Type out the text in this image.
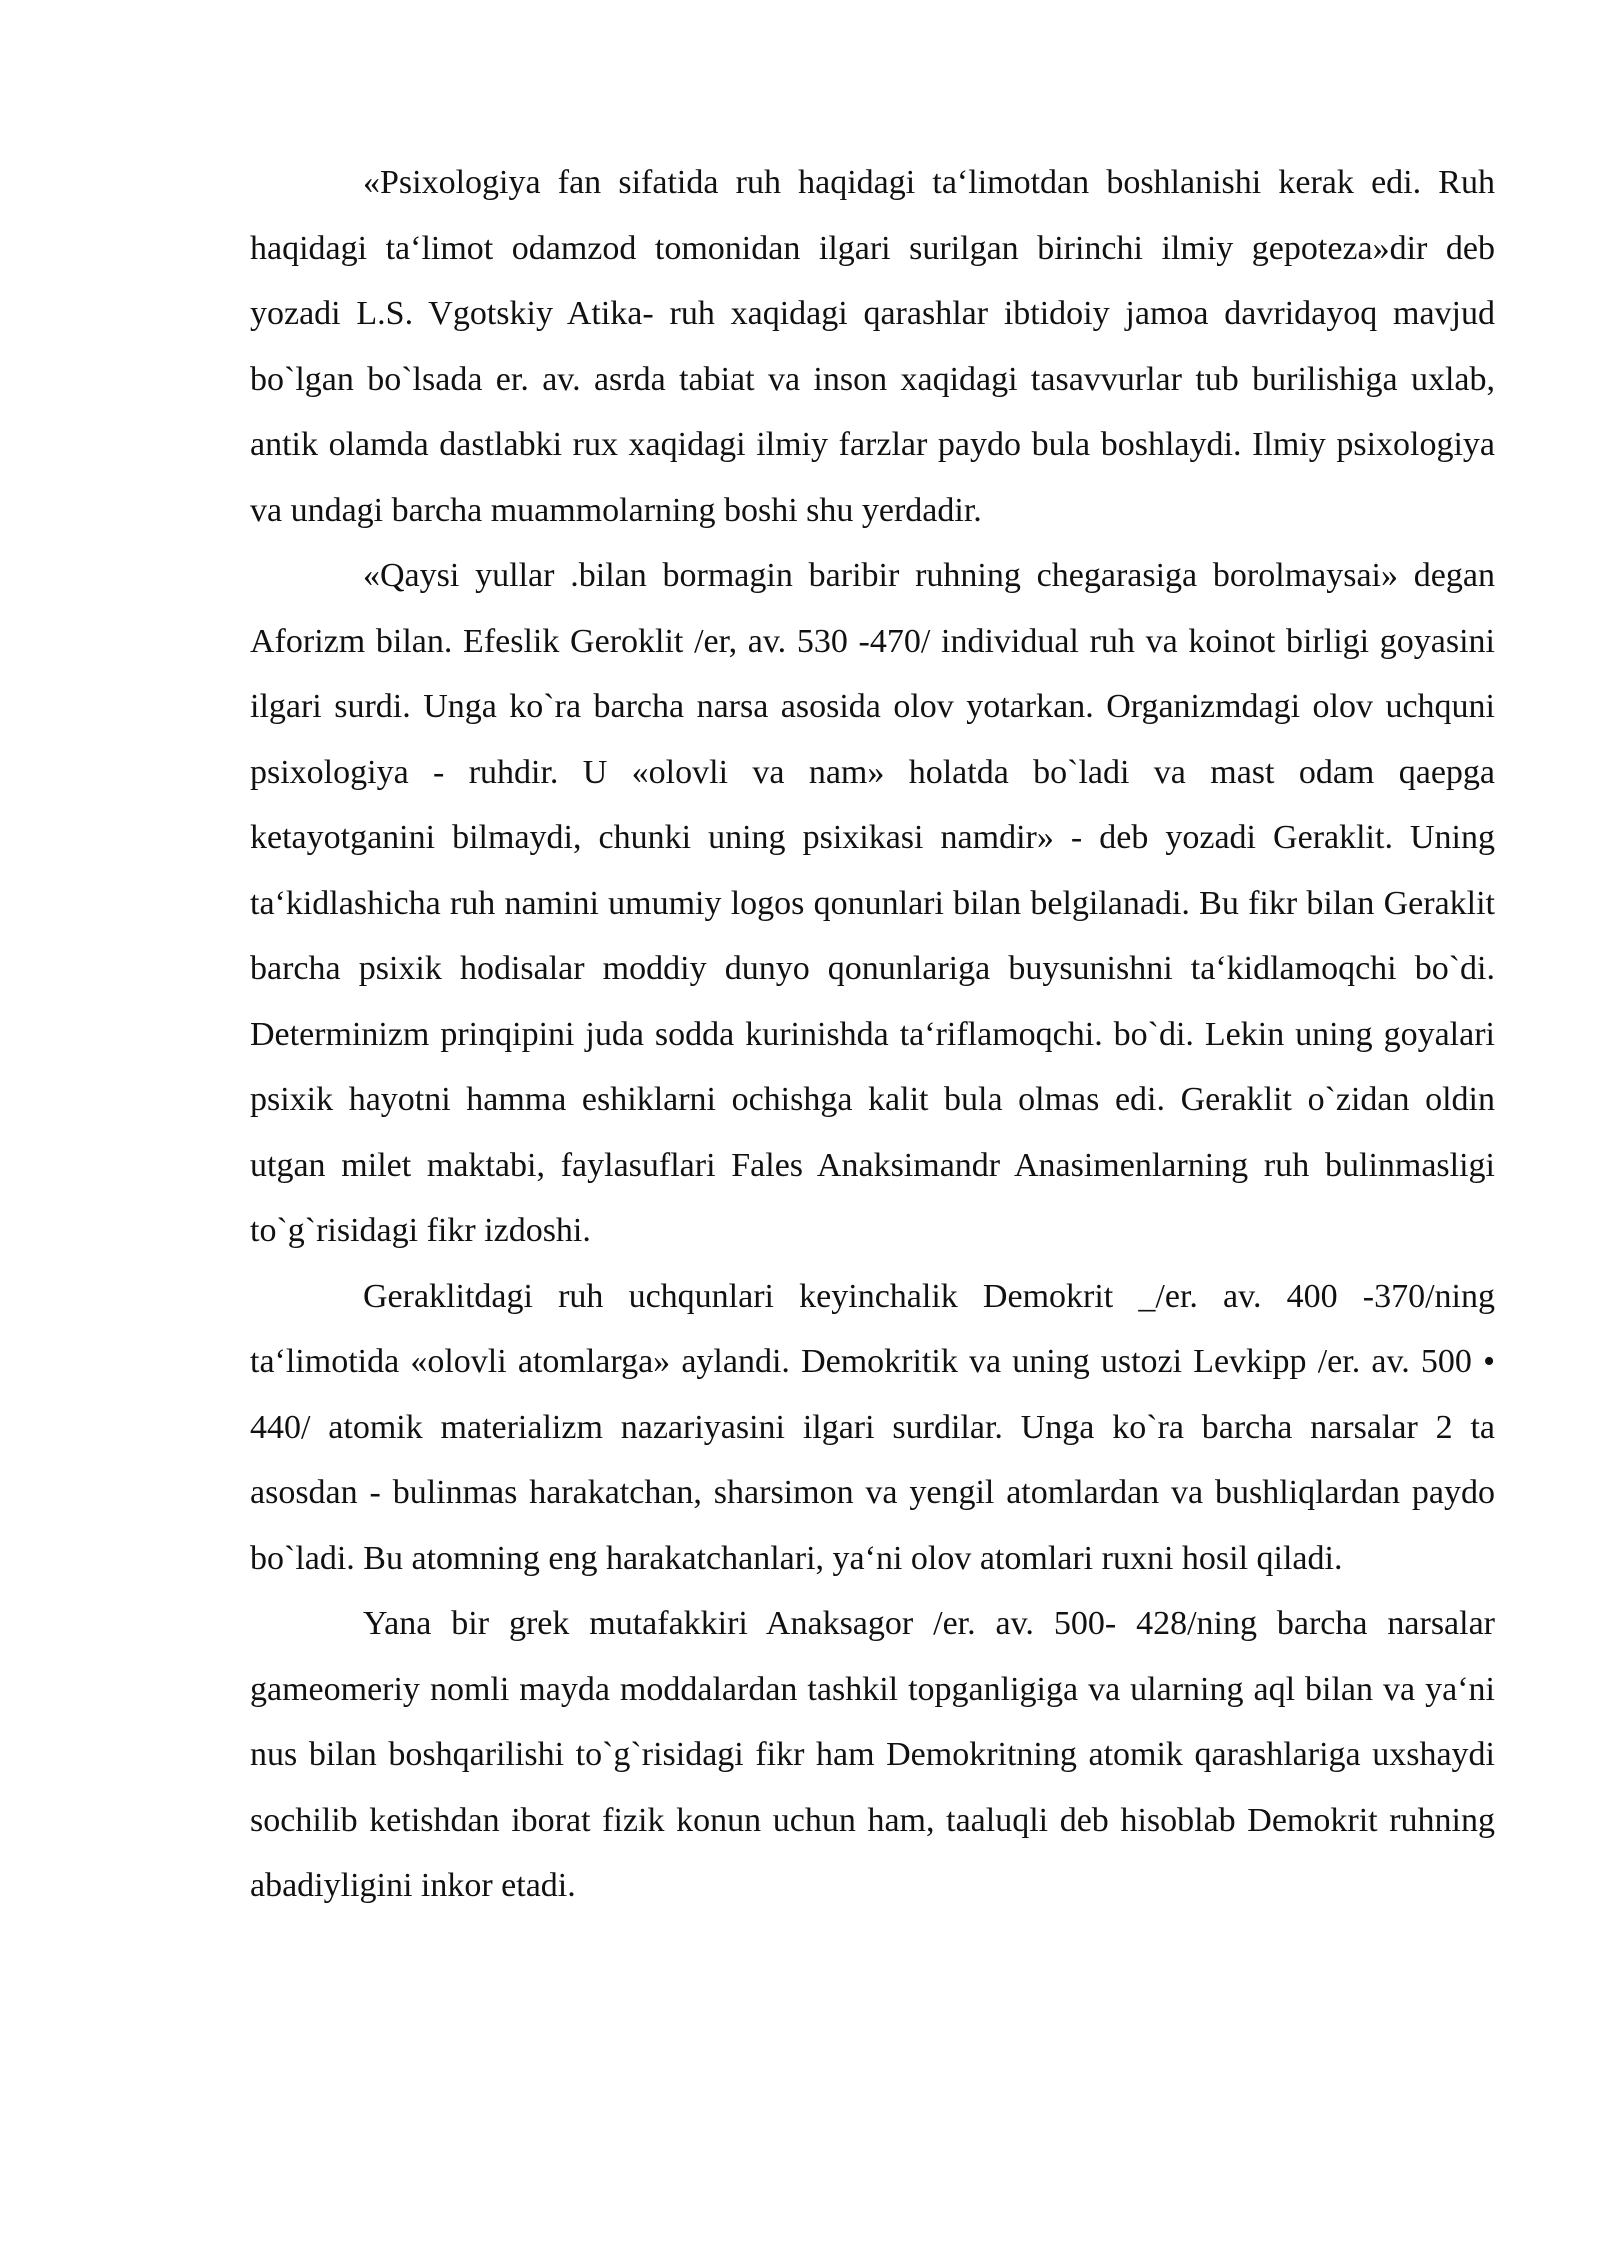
«Psixologiya fan sifatida ruh haqidagi taʻlimotdan boshlanishi kerak edi. Ruh haqidagi taʻlimot odamzod tomonidan ilgari surilgan birinchi ilmiy gepoteza»dir deb yozadi L.S. Vgotskiy Atika- ruh xaqidagi qarashlar ibtidoiy jamoa davridayoq mavjud bo`lgan bo`lsada er. av. asrda tabiat va inson xaqidagi tasavvurlar tub burilishiga uxlab, antik olamda dastlabki rux xaqidagi ilmiy farzlar paydo bula boshlaydi. Ilmiy psixologiya va undagi barcha muammolarning boshi shu yerdadir.

«Qaysi yullar .bilan bormagin baribir ruhning chegarasiga borolmaysai» degan Aforizm bilan. Efeslik Geroklit /er, av. 530 -470/ individual ruh va koinot birligi goyasini ilgari surdi. Unga ko`ra barcha narsa asosida olov yotarkan. Organizmdagi olov uchquni psixologiya - ruhdir. U «olovli va nam» holatda bo`ladi va mast odam qaepga ketayotganini bilmaydi, chunki uning psixikasi namdir» - deb yozadi Geraklit. Uning taʻkidlashicha ruh namini umumiy logos qonunlari bilan belgilanadi. Bu fikr bilan Geraklit barcha psixik hodisalar moddiy dunyo qonunlariga buysunishni taʻkidlamoqchi bo`di. Determinizm prinqipini juda sodda kurinishda taʻriflamoqchi. bo`di. Lekin uning goyalari psixik hayotni hamma eshiklarni ochishga kalit bula olmas edi. Geraklit o`zidan oldin utgan milet maktabi, faylasuflari Fales Anaksimandr Anasimenlarning ruh bulinmasligi to`g`risidagi fikr izdoshi.

Geraklitdagi ruh uchqunlari keyinchalik Demokrit _/er. av. 400 -370/ning taʻlimotida «olovli atomlarga» aylandi. Demokritik va uning ustozi Levkipp /er. av. 500 • 440/ atomik materializm nazariyasini ilgari surdilar. Unga ko`ra barcha narsalar 2 ta asosdan - bulinmas harakatchan, sharsimon va yengil atomlardan va bushliqlardan paydo bo`ladi. Bu atomning eng harakatchanlari, yaʻni olov atomlari ruxni hosil qiladi.

Yana bir grek mutafakkiri Anaksagor /er. av. 500- 428/ning barcha narsalar gameomeriy nomli mayda moddalardan tashkil topganligiga va ularning aql bilan va yaʻni nus bilan boshqarilishi to`g`risidagi fikr ham Demokritning atomik qarashlariga uxshaydi sochilib ketishdan iborat fizik konun uchun ham, taaluqli deb hisoblab Demokrit ruhning abadiyligini inkor etadi.
